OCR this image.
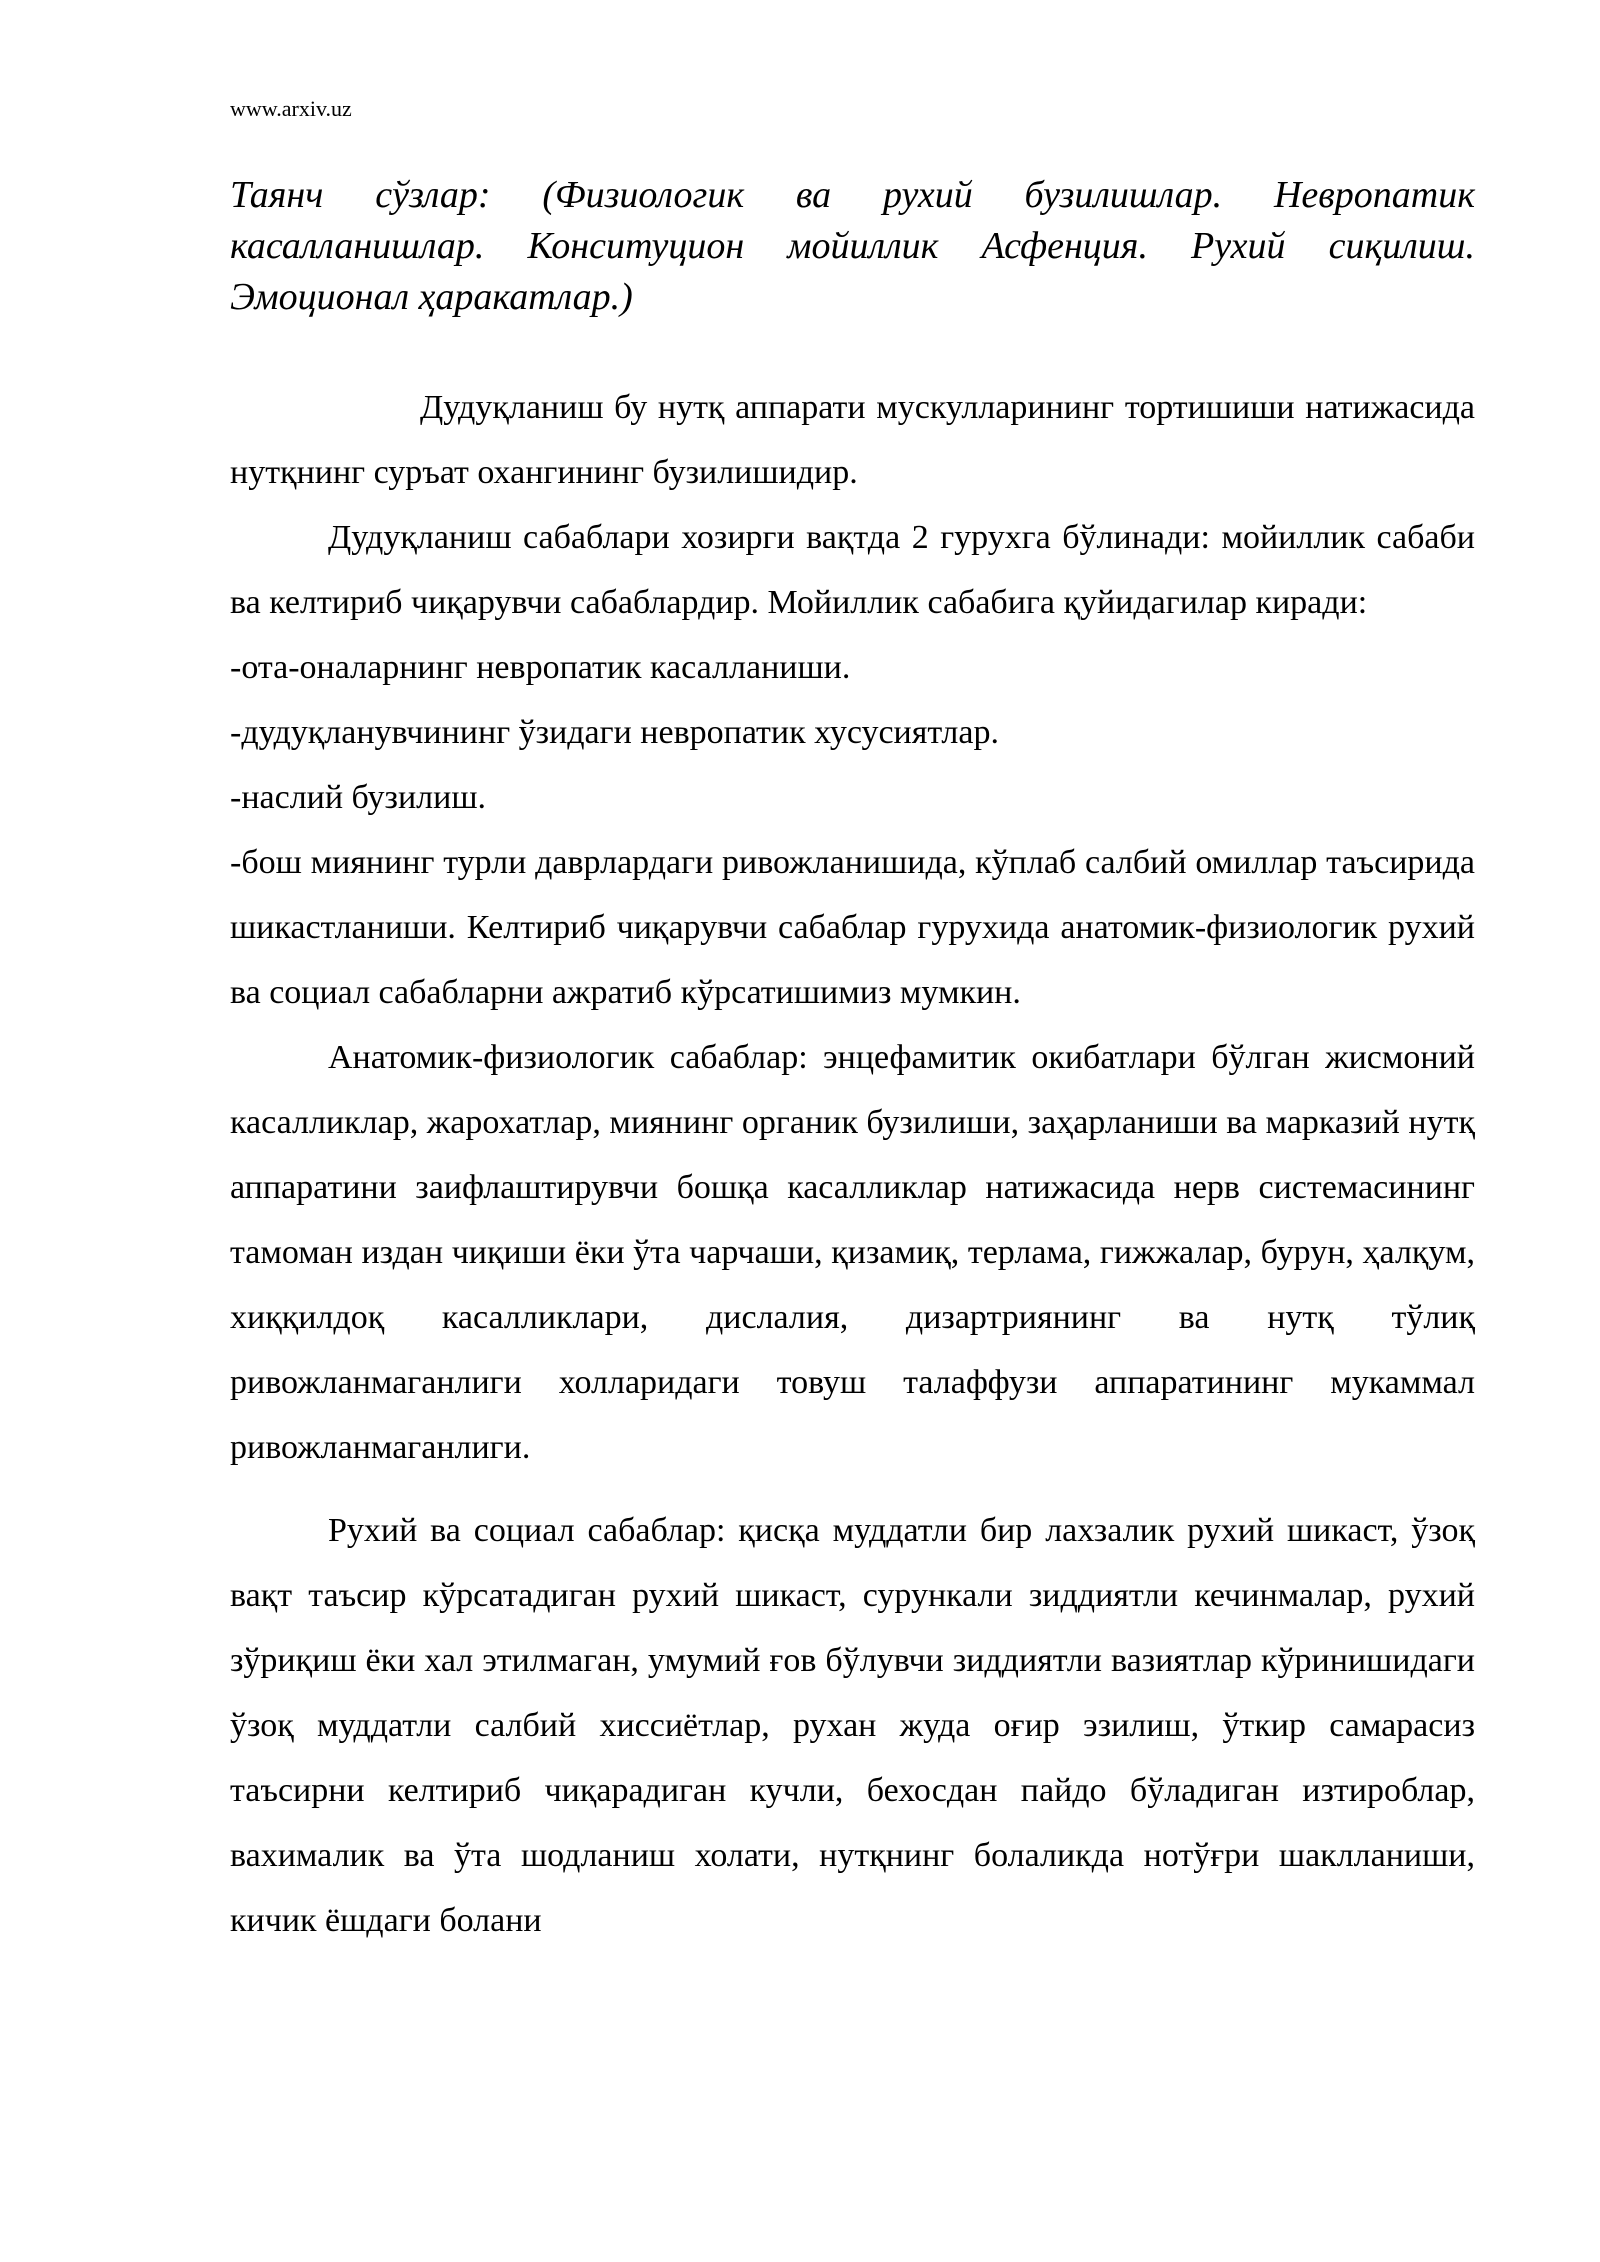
www.arxiv.uz
Таянч сўзлар: (Физиологик ва рухий бузилишлар. Невропатик касалланишлар. Конситуцион мойиллик Асфенция. Рухий сиқилиш. Эмоционал ҳаракатлар.)

Дудуқланиш бу нутқ аппарати мускулларининг тортишиши натижасида нутқнинг суръат охангининг бузилишидир.

Дудуқланиш сабаблари хозирги вақтда 2 гурухга бўлинади: мойиллик сабаби ва келтириб чиқарувчи сабаблардир. Мойиллик сабабига қуйидагилар киради:

-ота-оналарнинг невропатик касалланиши.

-дудуқланувчининг ўзидаги невропатик хусусиятлар.

-наслий бузилиш.

-бош миянинг турли даврлардаги ривожланишида, кўплаб салбий омиллар таъсирида шикастланиши. Келтириб чиқарувчи сабаблар гурухида анатомик-физиологик рухий ва социал сабабларни ажратиб кўрсатишимиз мумкин.

Анатомик-физиологик сабаблар: энцефамитик окибатлари бўлган жисмоний касалликлар, жарохатлар, миянинг органик бузилиши, заҳарланиши ва марказий нутқ аппаратини заифлаштирувчи бошқа касалликлар натижасида нерв системасининг тамоман издан чиқиши ёки ўта чарчаши, қизамиқ, терлама, гижжалар, бурун, ҳалқум, хиққилдоқ касалликлари, дислалия, дизартриянинг ва нутқ тўлиқ ривожланмаганлиги холларидаги товуш талаффузи аппаратининг мукаммал ривожланмаганлиги.

Рухий ва социал сабаблар: қисқа муддатли бир лахзалик рухий шикаст, ўзоқ вақт таъсир кўрсатадиган рухий шикаст, сурункали зиддиятли кечинмалар, рухий зўриқиш ёки хал этилмаган, умумий ғов бўлувчи зиддиятли вазиятлар кўринишидаги ўзоқ муддатли салбий хиссиётлар, рухан жуда оғир эзилиш, ўткир самарасиз таъсирни келтириб чиқарадиган кучли, бехосдан пайдо бўладиган изтироблар, вахималик ва ўта шодланиш холати, нутқнинг болаликда нотўғри шаклланиши, кичик ёшдаги болани
